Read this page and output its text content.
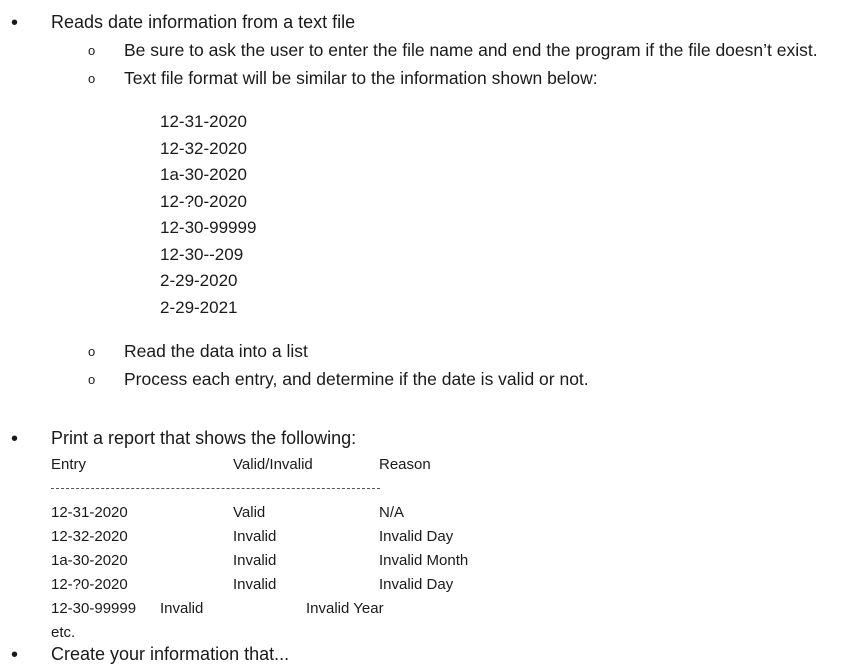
• Reads date information from a text file
o Be sure to ask the user to enter the file name and end the program if the file doesn’t exist.
o Text file format will be similar to the information shown below:
12-31-2020
12-32-2020
1a-30-2020
12-?0-2020
12-30-99999
12-30--209
2-29-2020
2-29-2021
o Read the data into a list
o Process each entry, and determine if the date is valid or not.
• Print a report that shows the following:
Entry	Valid/Invalid	Reason
12-31-2020	Valid	N/A
12-32-2020	Invalid	Invalid Day
1a-30-2020	Invalid	Invalid Month
12-?0-2020	Invalid	Invalid Day
12-30-99999 Invalid	Invalid Year
etc.
• Create your information that...
